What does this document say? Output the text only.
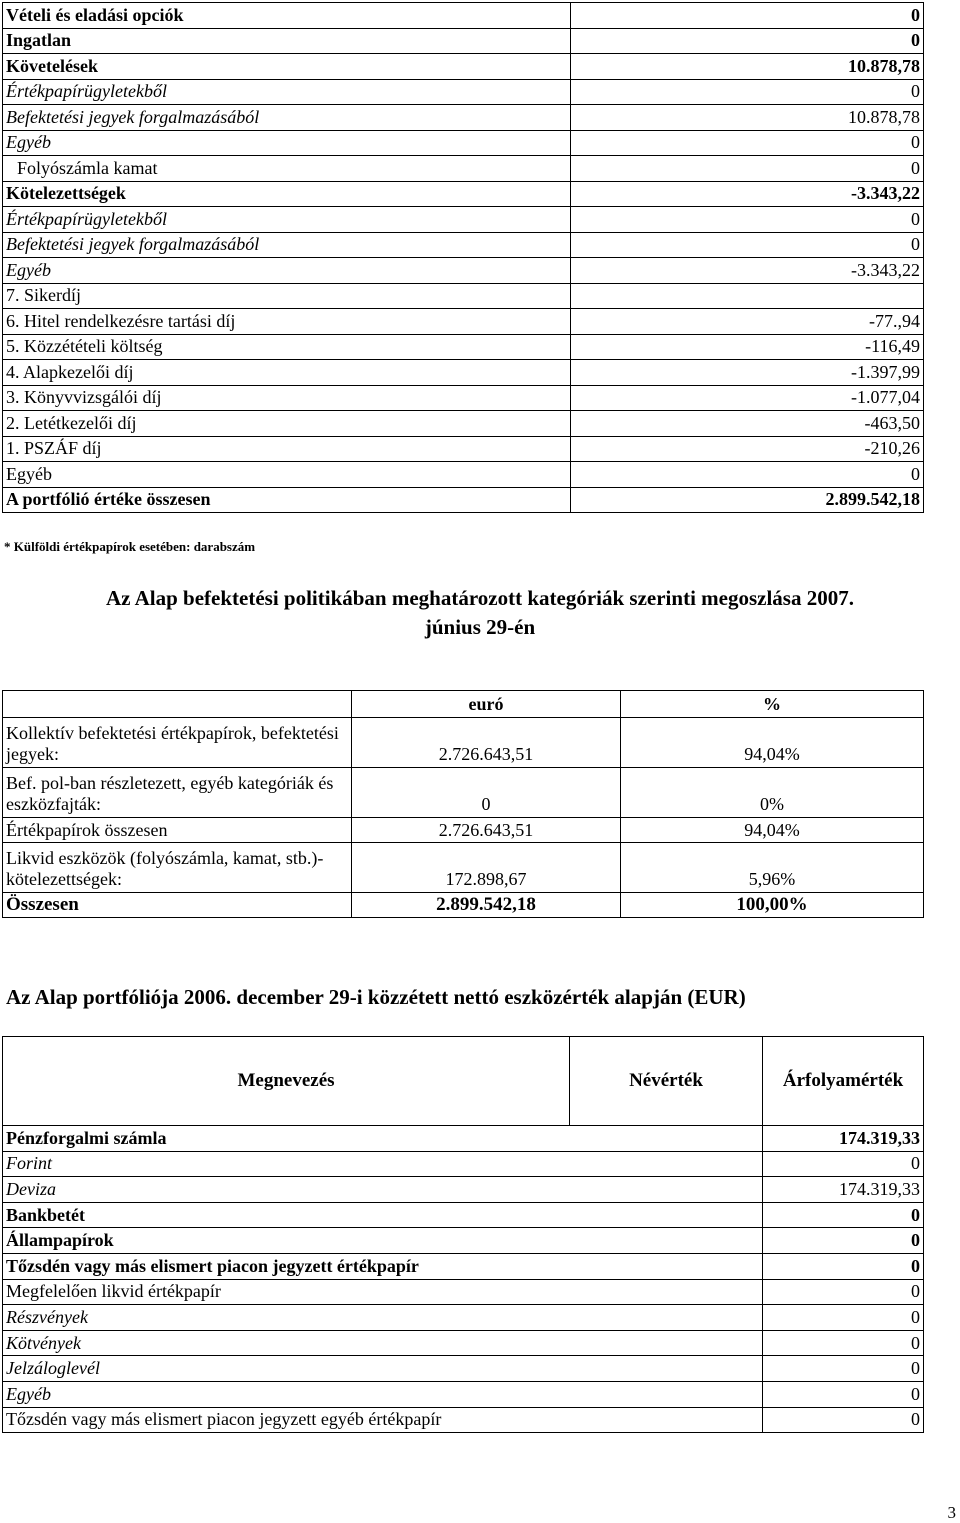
Vételi és eladási opciók	0
Ingatlan	0
Követelések	10.878,78
Értékpapírügyletekből	0
Befektetési jegyek forgalmazásából	10.878,78
Egyéb	0
Folyószámla kamat	0
Kötelezettségek	-3.343,22
Értékpapírügyletekből	0
Befektetési jegyek forgalmazásából	0
Egyéb	-3.343,22
7. Sikerdíj	
6. Hitel rendelkezésre tartási díj	-77.,94
5. Közzétételi költség	-116,49
4. Alapkezelői díj	-1.397,99
3. Könyvvizsgálói díj	-1.077,04
2. Letétkezelői díj	-463,50
1. PSZÁF díj	-210,26
Egyéb	0
A portfólió értéke összesen	2.899.542,18
* Külföldi értékpapírok esetében: darabszám
Az Alap befektetési politikában meghatározott kategóriák szerinti megoszlása 2007.
június 29-én
	euró	%
Kollektív befektetési értékpapírok, befektetési jegyek:	2.726.643,51	94,04%
Bef. pol-ban részletezett, egyéb kategóriák és eszközfajták:	0	0%
Értékpapírok összesen	2.726.643,51	94,04%
Likvid eszközök (folyószámla, kamat, stb.)-kötelezettségek:	172.898,67	5,96%
Összesen	2.899.542,18	100,00%
Az Alap portfóliója 2006. december 29-i közzétett nettó eszközérték alapján (EUR)
Megnevezés	Névérték	Árfolyamérték
Pénzforgalmi számla		174.319,33
Forint		0
Deviza		174.319,33
Bankbetét		0
Állampapírok		0
Tőzsdén vagy más elismert piacon jegyzett értékpapír		0
Megfelelően likvid értékpapír		0
Részvények		0
Kötvények		0
Jelzáloglevél		0
Egyéb		0
Tőzsdén vagy más elismert piacon jegyzett egyéb értékpapír		0
3
